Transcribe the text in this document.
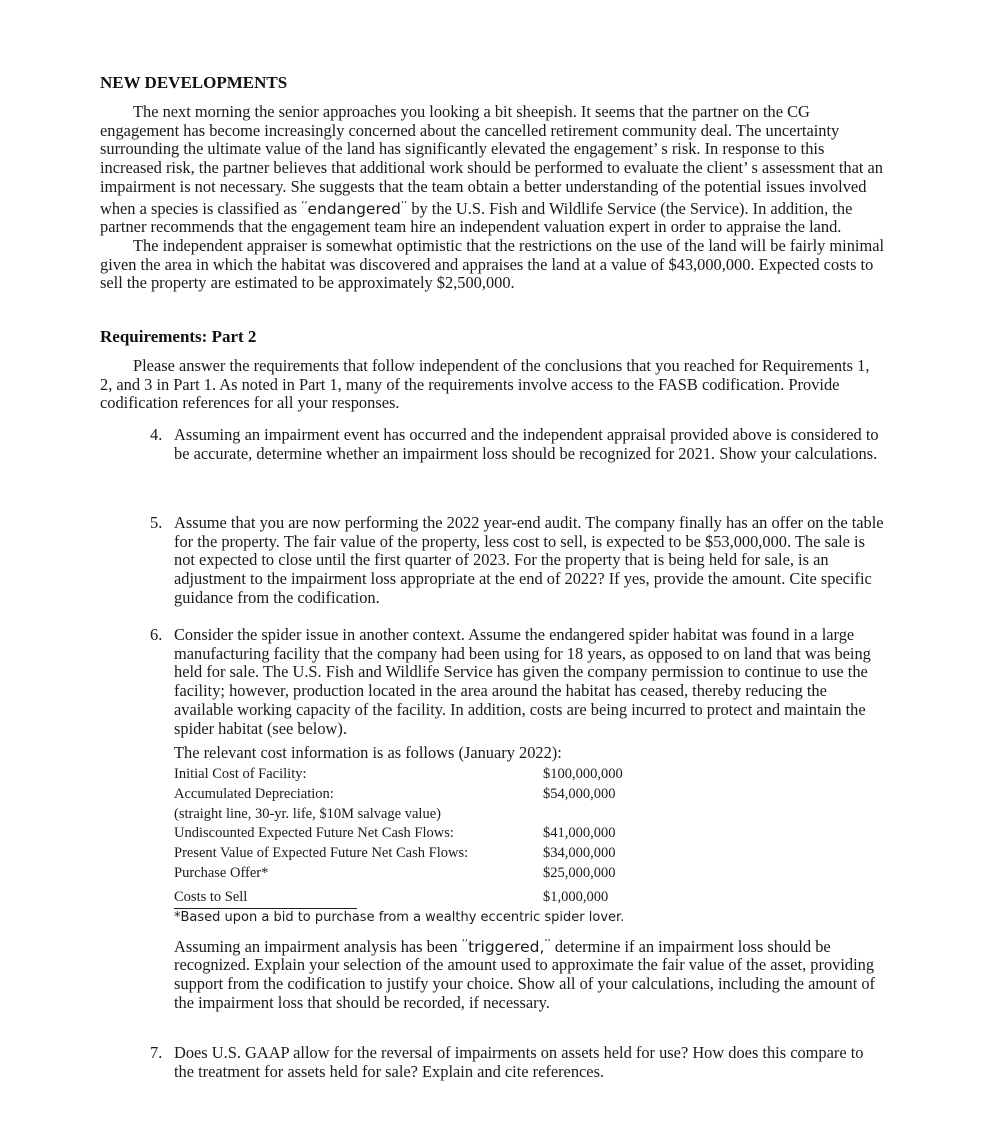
NEW DEVELOPMENTS

The next morning the senior approaches you looking a bit sheepish. It seems that the partner on the CG engagement has become increasingly concerned about the cancelled retirement community deal. The uncertainty surrounding the ultimate value of the land has significantly elevated the engagement’ s risk. In response to this increased risk, the partner believes that additional work should be performed to evaluate the client’ s assessment that an impairment is not necessary. She suggests that the team obtain a better understanding of the potential issues involved when a species is classified as ‘‘endangered’’ by the U.S. Fish and Wildlife Service (the Service). In addition, the partner recommends that the engagement team hire an independent valuation expert in order to appraise the land.

The independent appraiser is somewhat optimistic that the restrictions on the use of the land will be fairly minimal given the area in which the habitat was discovered and appraises the land at a value of $43,000,000. Expected costs to sell the property are estimated to be approximately $2,500,000.

Requirements: Part 2

Please answer the requirements that follow independent of the conclusions that you reached for Requirements 1, 2, and 3 in Part 1. As noted in Part 1, many of the requirements involve access to the FASB codification. Provide codification references for all your responses.

4. Assuming an impairment event has occurred and the independent appraisal provided above is considered to be accurate, determine whether an impairment loss should be recognized for 2021. Show your calculations.

5. Assume that you are now performing the 2022 year-end audit. The company finally has an offer on the table for the property. The fair value of the property, less cost to sell, is expected to be $53,000,000. The sale is not expected to close until the first quarter of 2023. For the property that is being held for sale, is an adjustment to the impairment loss appropriate at the end of 2022? If yes, provide the amount. Cite specific guidance from the codification.

6. Consider the spider issue in another context. Assume the endangered spider habitat was found in a large manufacturing facility that the company had been using for 18 years, as opposed to on land that was being held for sale. The U.S. Fish and Wildlife Service has given the company permission to continue to use the facility; however, production located in the area around the habitat has ceased, thereby reducing the available working capacity of the facility. In addition, costs are being incurred to protect and maintain the spider habitat (see below).

The relevant cost information is as follows (January 2022):

Initial Cost of Facility:	$100,000,000
Accumulated Depreciation:	$54,000,000
(straight line, 30-yr. life, $10M salvage value)	
Undiscounted Expected Future Net Cash Flows:	$41,000,000
Present Value of Expected Future Net Cash Flows:	$34,000,000
Purchase Offer*	$25,000,000
Costs to Sell	$1,000,000

*Based upon a bid to purchase from a wealthy eccentric spider lover.

Assuming an impairment analysis has been ‘‘triggered,’’ determine if an impairment loss should be recognized. Explain your selection of the amount used to approximate the fair value of the asset, providing support from the codification to justify your choice. Show all of your calculations, including the amount of the impairment loss that should be recorded, if necessary.

7. Does U.S. GAAP allow for the reversal of impairments on assets held for use? How does this compare to the treatment for assets held for sale? Explain and cite references.
